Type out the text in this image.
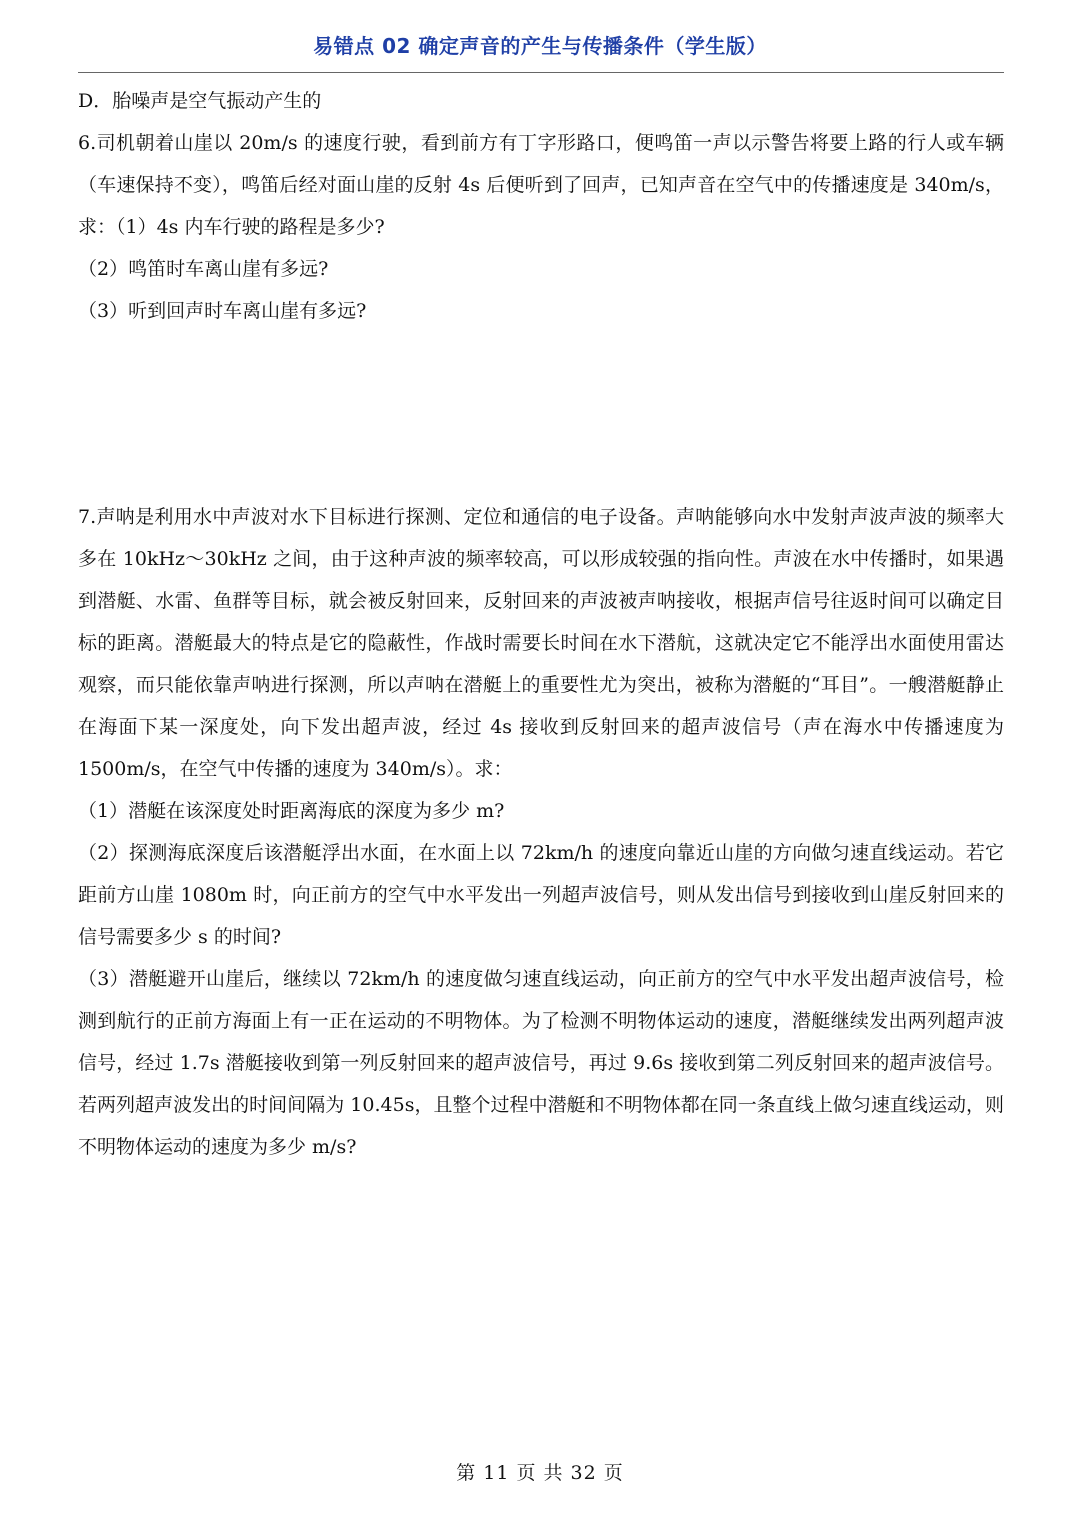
易错点 02 确定声音的产生与传播条件（学生版）

D．胎噪声是空气振动产生的

6.司机朝着山崖以 20m/s 的速度行驶，看到前方有丁字形路口，便鸣笛一声以示警告将要上路的行人或车辆（车速保持不变），鸣笛后经对面山崖的反射 4s 后便听到了回声，已知声音在空气中的传播速度是 340m/s，求：（1）4s 内车行驶的路程是多少?

（2）鸣笛时车离山崖有多远?

（3）听到回声时车离山崖有多远?

7.声呐是利用水中声波对水下目标进行探测、定位和通信的电子设备。声呐能够向水中发射声波声波的频率大多在 10kHz～30kHz 之间，由于这种声波的频率较高，可以形成较强的指向性。声波在水中传播时，如果遇到潜艇、水雷、鱼群等目标，就会被反射回来，反射回来的声波被声呐接收，根据声信号往返时间可以确定目标的距离。潜艇最大的特点是它的隐蔽性，作战时需要长时间在水下潜航，这就决定它不能浮出水面使用雷达观察，而只能依靠声呐进行探测，所以声呐在潜艇上的重要性尤为突出，被称为潜艇的“耳目”。一艘潜艇静止在海面下某一深度处，向下发出超声波，经过 4s 接收到反射回来的超声波信号（声在海水中传播速度为 1500m/s，在空气中传播的速度为 340m/s）。求：

（1）潜艇在该深度处时距离海底的深度为多少 m?

（2）探测海底深度后该潜艇浮出水面，在水面上以 72km/h 的速度向靠近山崖的方向做匀速直线运动。若它距前方山崖 1080m 时，向正前方的空气中水平发出一列超声波信号，则从发出信号到接收到山崖反射回来的信号需要多少 s 的时间?

（3）潜艇避开山崖后，继续以 72km/h 的速度做匀速直线运动，向正前方的空气中水平发出超声波信号，检测到航行的正前方海面上有一正在运动的不明物体。为了检测不明物体运动的速度，潜艇继续发出两列超声波信号，经过 1.7s 潜艇接收到第一列反射回来的超声波信号，再过 9.6s 接收到第二列反射回来的超声波信号。若两列超声波发出的时间间隔为 10.45s，且整个过程中潜艇和不明物体都在同一条直线上做匀速直线运动，则不明物体运动的速度为多少 m/s?

第 11 页 共 32 页
